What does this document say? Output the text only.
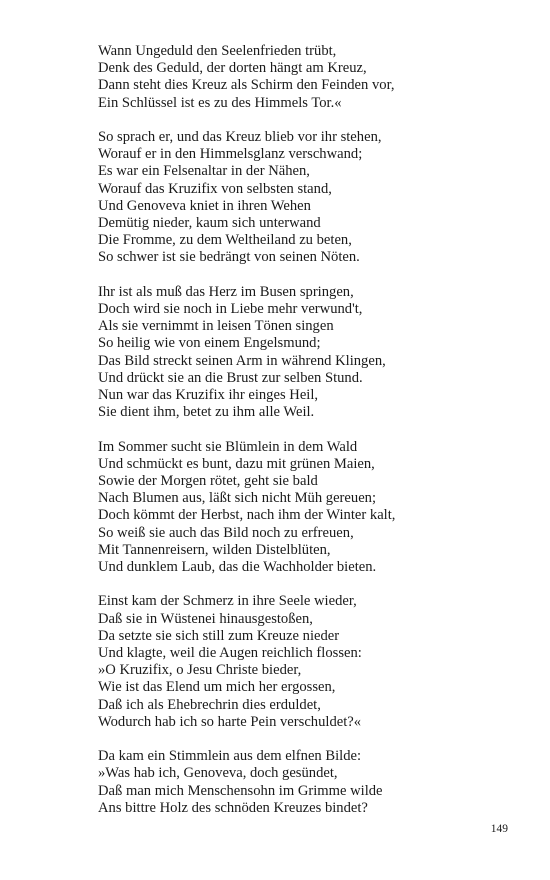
Wann Ungeduld den Seelenfrieden trübt,
Denk des Geduld, der dorten hängt am Kreuz,
Dann steht dies Kreuz als Schirm den Feinden vor,
Ein Schlüssel ist es zu des Himmels Tor.«
So sprach er, und das Kreuz blieb vor ihr stehen,
Worauf er in den Himmelsglanz verschwand;
Es war ein Felsenaltar in der Nähen,
Worauf das Kruzifix von selbsten stand,
Und Genoveva kniet in ihren Wehen
Demütig nieder, kaum sich unterwand
Die Fromme, zu dem Weltheiland zu beten,
So schwer ist sie bedrängt von seinen Nöten.
Ihr ist als muß das Herz im Busen springen,
Doch wird sie noch in Liebe mehr verwund't,
Als sie vernimmt in leisen Tönen singen
So heilig wie von einem Engelsmund;
Das Bild streckt seinen Arm in während Klingen,
Und drückt sie an die Brust zur selben Stund.
Nun war das Kruzifix ihr einges Heil,
Sie dient ihm, betet zu ihm alle Weil.
Im Sommer sucht sie Blümlein in dem Wald
Und schmückt es bunt, dazu mit grünen Maien,
Sowie der Morgen rötet, geht sie bald
Nach Blumen aus, läßt sich nicht Müh gereuen;
Doch kömmt der Herbst, nach ihm der Winter kalt,
So weiß sie auch das Bild noch zu erfreuen,
Mit Tannenreisern, wilden Distelblüten,
Und dunklem Laub, das die Wachholder bieten.
Einst kam der Schmerz in ihre Seele wieder,
Daß sie in Wüstenei hinausgestoßen,
Da setzte sie sich still zum Kreuze nieder
Und klagte, weil die Augen reichlich flossen:
»O Kruzifix, o Jesu Christe bieder,
Wie ist das Elend um mich her ergossen,
Daß ich als Ehebrechrin dies erduldet,
Wodurch hab ich so harte Pein verschuldet?«
Da kam ein Stimmlein aus dem elfnen Bilde:
»Was hab ich, Genoveva, doch gesündet,
Daß man mich Menschensohn im Grimme wilde
Ans bittre Holz des schnöden Kreuzes bindet?
149
